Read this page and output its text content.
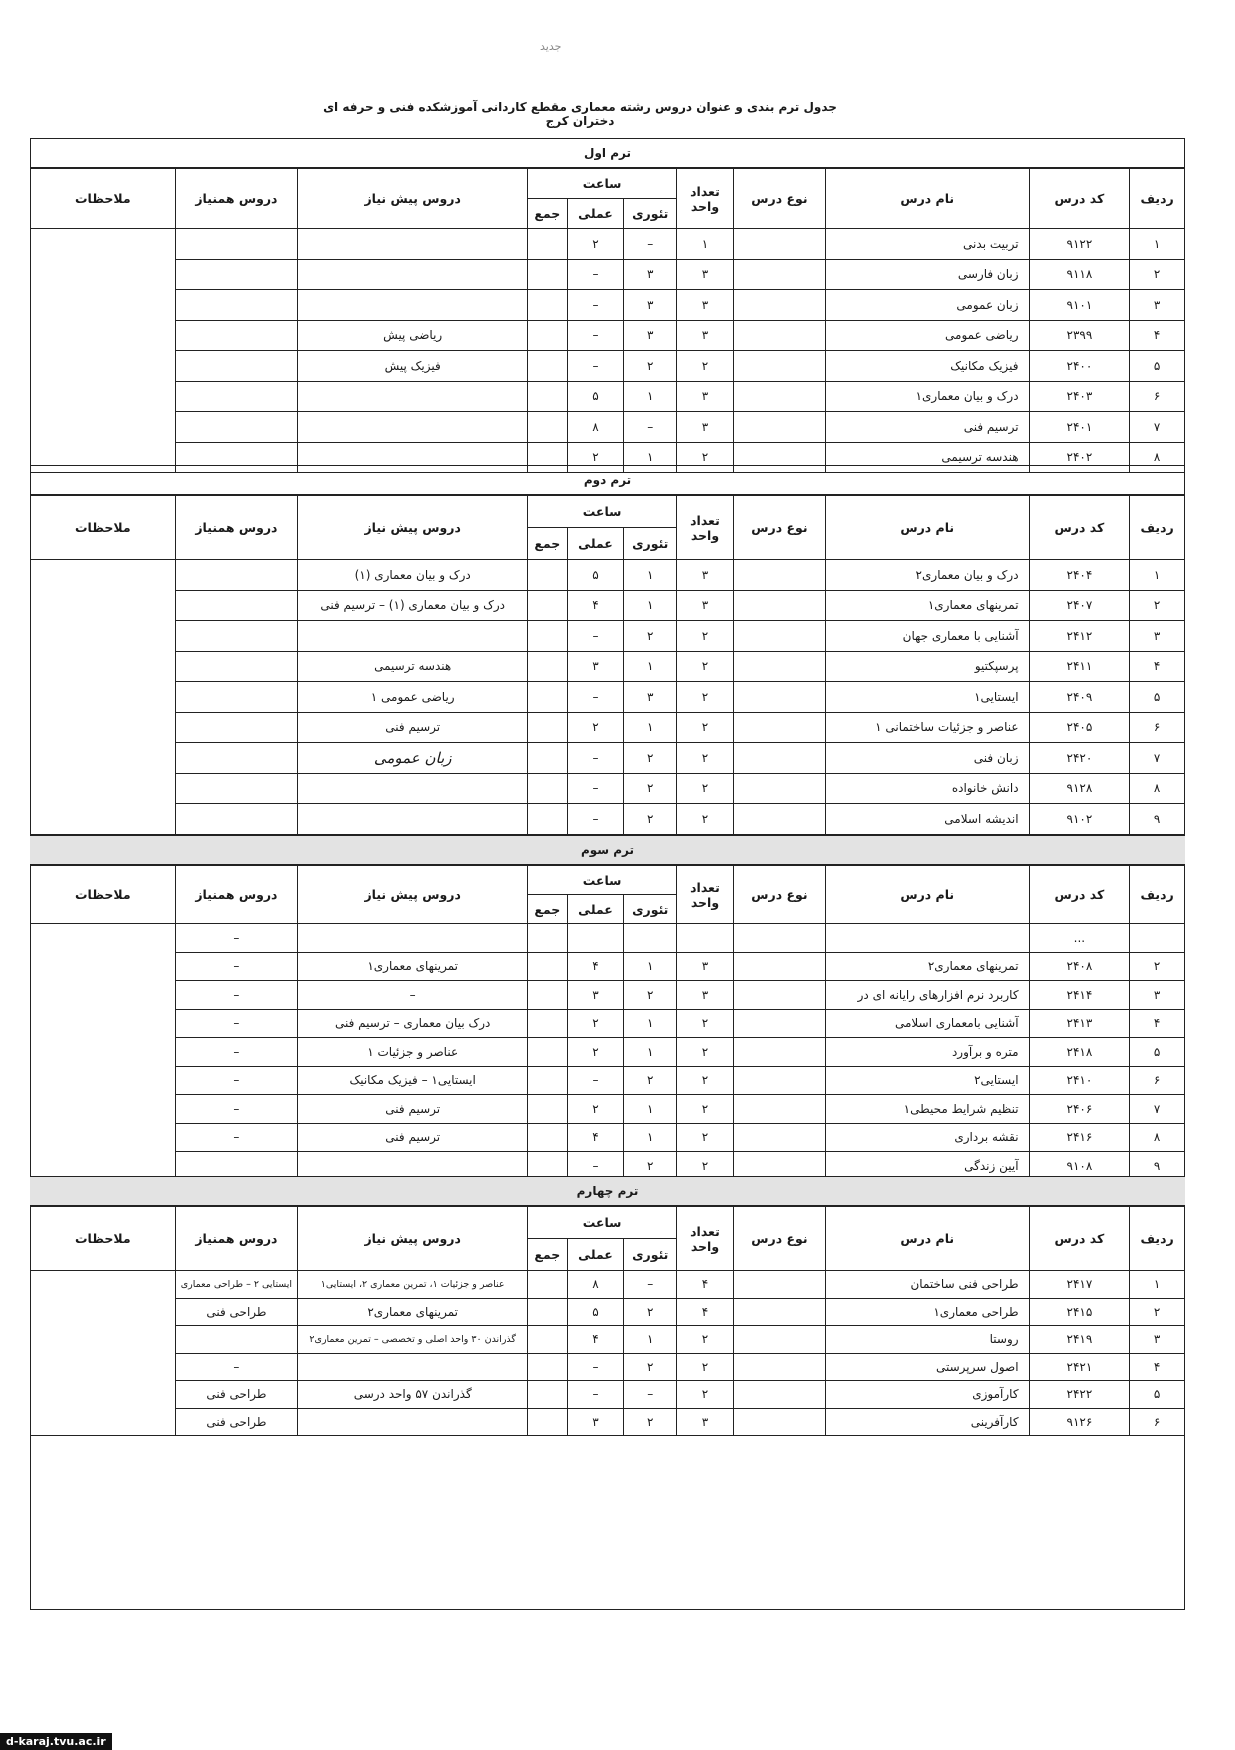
جدید
جدول ترم بندی و عنوان دروس رشته معماری مقطع کاردانی آموزشکده فنی و حرفه ای دختران کرج
ترم اول
ردیف	کد درس	نام درس	نوع درس	تعداد
واحد	ساعت			دروس پیش نیاز	دروس همنیاز	ملاحظات
					تئوری	عملی	جمع			
۱	۹۱۲۲	تربیت بدنی		۱	–	۲				

۲	۹۱۱۸	زبان فارسی		۳	۳	–				
۳	۹۱۰۱	زبان عمومی		۳	۳	–				
۴	۲۳۹۹	ریاضی عمومی		۳	۳	–		ریاضی پیش		
۵	۲۴۰۰	فیزیک مکانیک		۲	۲	–		فیزیک پیش		
۶	۲۴۰۳	درک و بیان معماری۱		۳	۱	۵				
۷	۲۴۰۱	ترسیم فنی		۳	–	۸				
۸	۲۴۰۲	هندسه ترسیمی		۲	۱	۲				
ترم دوم
ردیف	کد درس	نام درس	نوع درس	تعداد
واحد	ساعت			دروس پیش نیاز	دروس همنیاز	ملاحظات
					تئوری	عملی	جمع			
۱	۲۴۰۴	درک و بیان معماری۲		۳	۱	۵		درک و بیان معماری (۱)		
۲	۲۴۰۷	تمرینهای معماری۱		۳	۱	۴		درک و بیان معماری (۱) – ترسیم فنی		
۳	۲۴۱۲	آشنایی با معماری جهان		۲	۲	–				
۴	۲۴۱۱	پرسپکتیو		۲	۱	۳		هندسه ترسیمی		
۵	۲۴۰۹	ایستایی۱		۲	۳	–		ریاضی عمومی ۱		
۶	۲۴۰۵	عناصر و جزئیات ساختمانی ۱		۲	۱	۲		ترسیم فنی		
۷	۲۴۲۰	زبان فنی		۲	۲	–		زبان عمومی		
۸	۹۱۲۸	دانش خانواده		۲	۲	–				
۹	۹۱۰۲	اندیشه اسلامی		۲	۲	–				
ترم سوم
ردیف	کد درس	نام درس	نوع درس	تعداد
واحد	ساعت			دروس پیش نیاز	دروس همنیاز	ملاحظات
					تئوری	عملی	جمع			
	...								–	
۲	۲۴۰۸	تمرینهای معماری۲		۳	۱	۴		تمرینهای معماری۱	–	
۳	۲۴۱۴	کاربرد نرم افزارهای رایانه ای در		۳	۲	۳		–	–	
۴	۲۴۱۳	آشنایی بامعماری اسلامی		۲	۱	۲		درک بیان معماری – ترسیم فنی	–	
۵	۲۴۱۸	متره و برآورد		۲	۱	۲		عناصر و جزئیات ۱	–	
۶	۲۴۱۰	ایستایی۲		۲	۲	–		ایستایی۱ – فیزیک مکانیک	–	
۷	۲۴۰۶	تنظیم شرایط محیطی۱		۲	۱	۲		ترسیم فنی	–	
۸	۲۴۱۶	نقشه برداری		۲	۱	۴		ترسیم فنی	–	
۹	۹۱۰۸	آیین زندگی		۲	۲	–				
ترم چهارم
ردیف	کد درس	نام درس	نوع درس	تعداد
واحد	ساعت			دروس پیش نیاز	دروس همنیاز	ملاحظات
					تئوری	عملی	جمع			
۱	۲۴۱۷	طراحی فنی ساختمان		۴	–	۸		عناصر و جزئیات ۱، تمرین معماری ۲، ایستایی۱	ایستایی ۲ – طراحی معماری	
۲	۲۴۱۵	طراحی معماری۱		۴	۲	۵		تمرینهای معماری۲	طراحی فنی	
۳	۲۴۱۹	روستا		۲	۱	۴		گذراندن ۳۰ واحد اصلی و تخصصی – تمرین معماری۲		
۴	۲۴۲۱	اصول سرپرستی		۲	۲	–			–	
۵	۲۴۲۲	کارآموزی		۲	–	–		گذراندن ۵۷ واحد درسی	طراحی فنی	
۶	۹۱۲۶	کارآفرینی		۳	۲	۳			طراحی فنی	
d-karaj.tvu.ac.ir
